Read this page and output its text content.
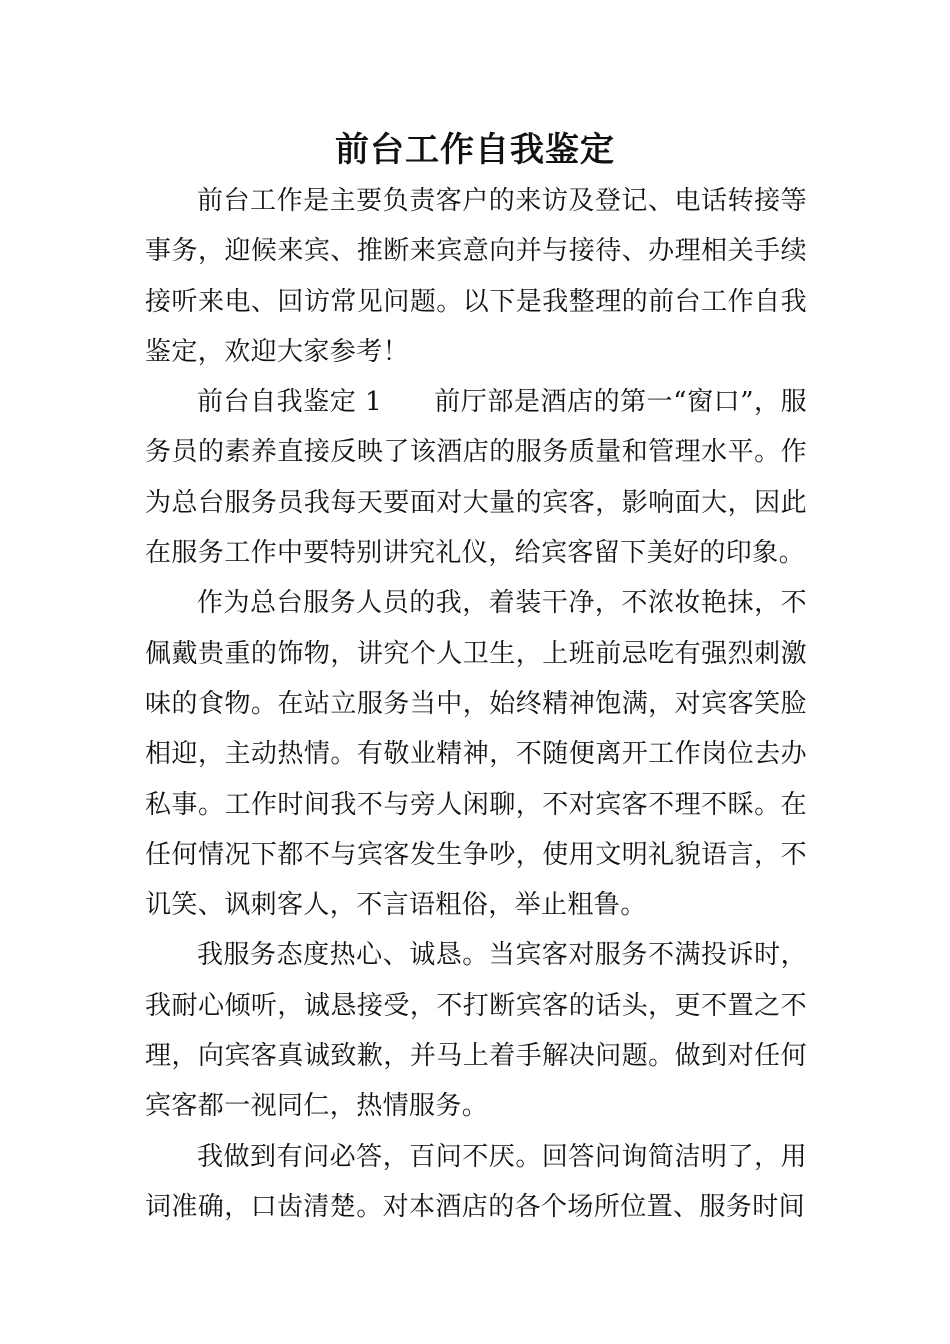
前台工作自我鉴定

前台工作是主要负责客户的来访及登记、电话转接等事务，迎候来宾、推断来宾意向并与接待、办理相关手续接听来电、回访常见问题。以下是我整理的前台工作自我鉴定，欢迎大家参考！

前台自我鉴定 1 前厅部是酒店的第一“窗口”，服务员的素养直接反映了该酒店的服务质量和管理水平。作为总台服务员我每天要面对大量的宾客，影响面大，因此在服务工作中要特别讲究礼仪，给宾客留下美好的印象。

作为总台服务人员的我，着装干净，不浓妆艳抹，不佩戴贵重的饰物，讲究个人卫生，上班前忌吃有强烈刺激味的食物。在站立服务当中，始终精神饱满，对宾客笑脸相迎，主动热情。有敬业精神，不随便离开工作岗位去办私事。工作时间我不与旁人闲聊，不对宾客不理不睬。在任何情况下都不与宾客发生争吵，使用文明礼貌语言，不讥笑、讽刺客人，不言语粗俗，举止粗鲁。

我服务态度热心、诚恳。当宾客对服务不满投诉时，我耐心倾听，诚恳接受，不打断宾客的话头，更不置之不理，向宾客真诚致歉，并马上着手解决问题。做到对任何宾客都一视同仁，热情服务。

我做到有问必答，百问不厌。回答问询简洁明了，用词准确，口齿清楚。对本酒店的各个场所位置、服务时间
